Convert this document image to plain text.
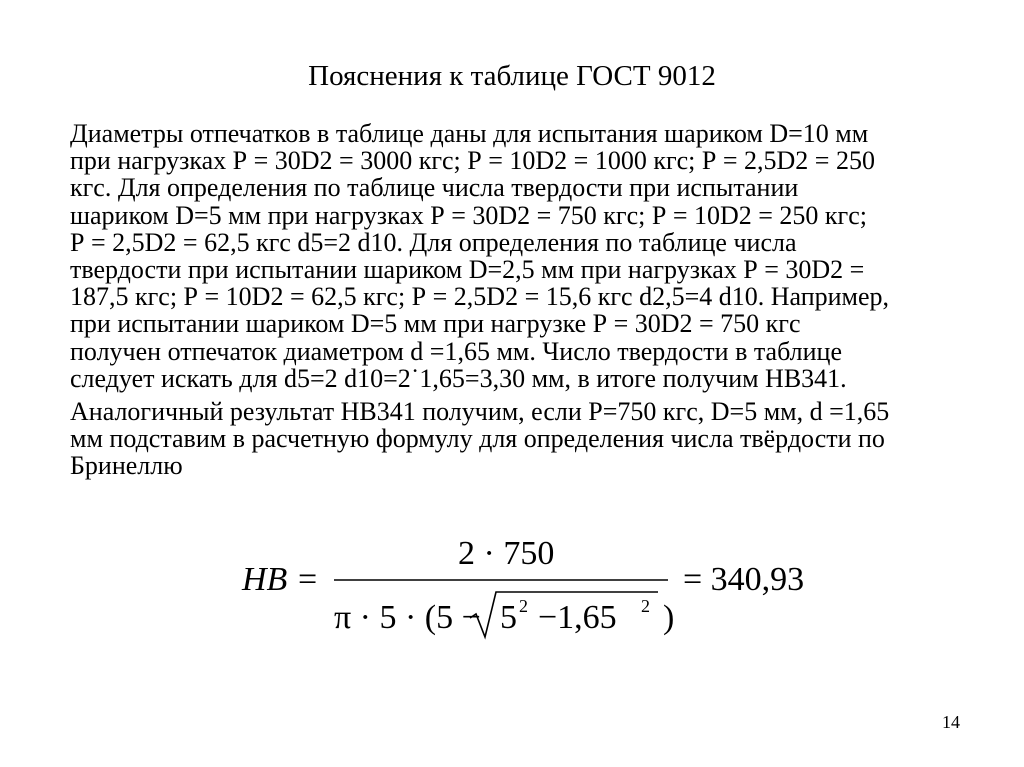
Пояснения к таблице ГОСТ 9012
Диаметры отпечатков в таблице даны для испытания шариком D=10 мм
при нагрузках Р = 30D2 = 3000 кгс; Р = 10D2 = 1000 кгс; Р = 2,5D2 = 250
кгс. Для определения по таблице числа твердости при испытании
шариком D=5 мм при нагрузках Р = 30D2 = 750 кгс; Р = 10D2 = 250 кгс;
Р = 2,5D2 = 62,5 кгс d5=2 d10. Для определения по таблице числа
твердости при испытании шариком D=2,5 мм при нагрузках Р = 30D2 =
187,5 кгс; Р = 10D2 = 62,5 кгс; Р = 2,5D2 = 15,6 кгс d2,5=4 d10. Например,
при испытании шариком D=5 мм при нагрузке Р = 30D2 = 750 кгс
получен отпечаток диаметром d =1,65 мм. Число твердости в таблице
следует искать для d5=2 d10=2˙1,65=3,30 мм, в итоге получим НВ341.
Аналогичный результат НВ341 получим, если Р=750 кгс, D=5 мм, d =1,65
мм подставим в расчетную формулу для определения числа твёрдости по
Бринеллю
HB =
2 · 750
π · 5 · (5 − 5 2 −1,65 2 )
= 340,93
14
